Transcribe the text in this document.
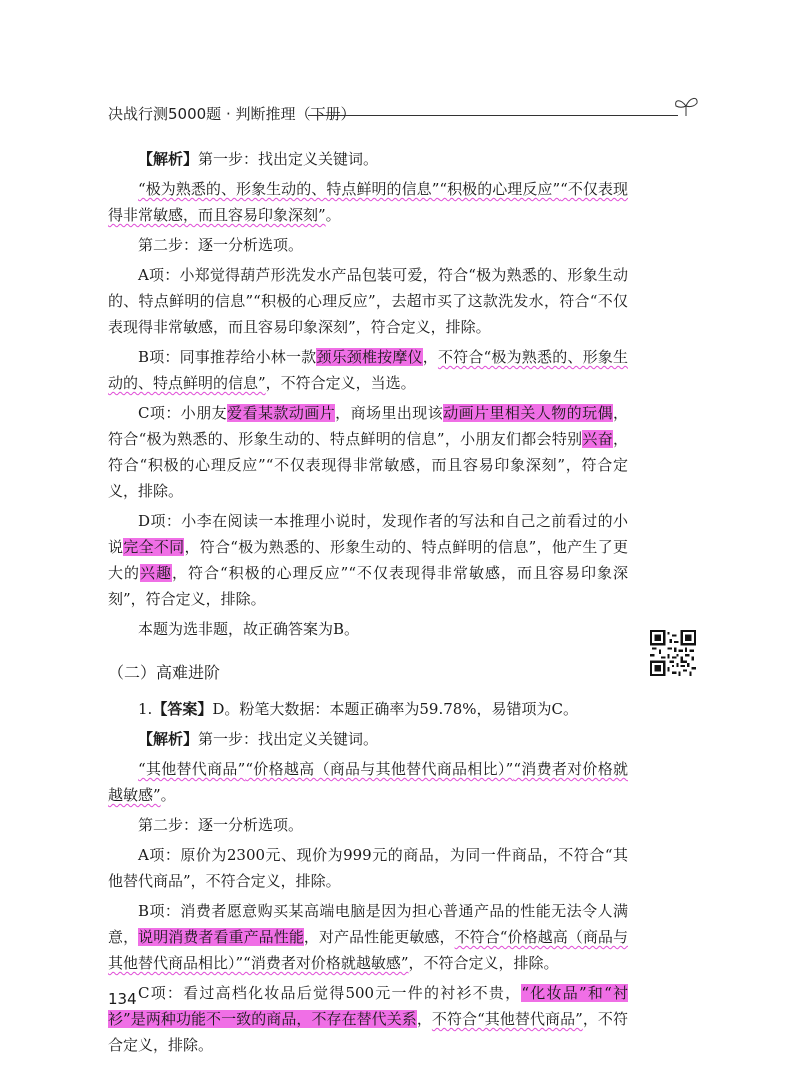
决战行测5000题 · 判断推理（下册）

【解析】第一步：找出定义关键词。

“极为熟悉的、形象生动的、特点鲜明的信息”“积极的心理反应”“不仅表现得非常敏感，而且容易印象深刻”。

第二步：逐一分析选项。

A项：小郑觉得葫芦形洗发水产品包装可爱，符合“极为熟悉的、形象生动的、特点鲜明的信息”“积极的心理反应”，去超市买了这款洗发水，符合“不仅表现得非常敏感，而且容易印象深刻”，符合定义，排除。

B项：同事推荐给小林一款颈乐颈椎按摩仪，不符合“极为熟悉的、形象生动的、特点鲜明的信息”，不符合定义，当选。

C项：小朋友爱看某款动画片，商场里出现该动画片里相关人物的玩偶，符合“极为熟悉的、形象生动的、特点鲜明的信息”，小朋友们都会特别兴奋，符合“积极的心理反应”“不仅表现得非常敏感，而且容易印象深刻”，符合定义，排除。

D项：小李在阅读一本推理小说时，发现作者的写法和自己之前看过的小说完全不同，符合“极为熟悉的、形象生动的、特点鲜明的信息”，他产生了更大的兴趣，符合“积极的心理反应”“不仅表现得非常敏感，而且容易印象深刻”，符合定义，排除。

本题为选非题，故正确答案为B。

（二）高难进阶

1.【答案】D。粉笔大数据：本题正确率为59.78%，易错项为C。

【解析】第一步：找出定义关键词。

“其他替代商品”“价格越高（商品与其他替代商品相比）”“消费者对价格就越敏感”。

第二步：逐一分析选项。

A项：原价为2300元、现价为999元的商品，为同一件商品，不符合“其他替代商品”，不符合定义，排除。

B项：消费者愿意购买某高端电脑是因为担心普通产品的性能无法令人满意，说明消费者看重产品性能，对产品性能更敏感，不符合“价格越高（商品与其他替代商品相比）”“消费者对价格就越敏感”，不符合定义，排除。

C项：看过高档化妆品后觉得500元一件的衬衫不贵，“化妆品”和“衬衫”是两种功能不一致的商品，不存在替代关系，不符合“其他替代商品”，不符合定义，排除。

134
